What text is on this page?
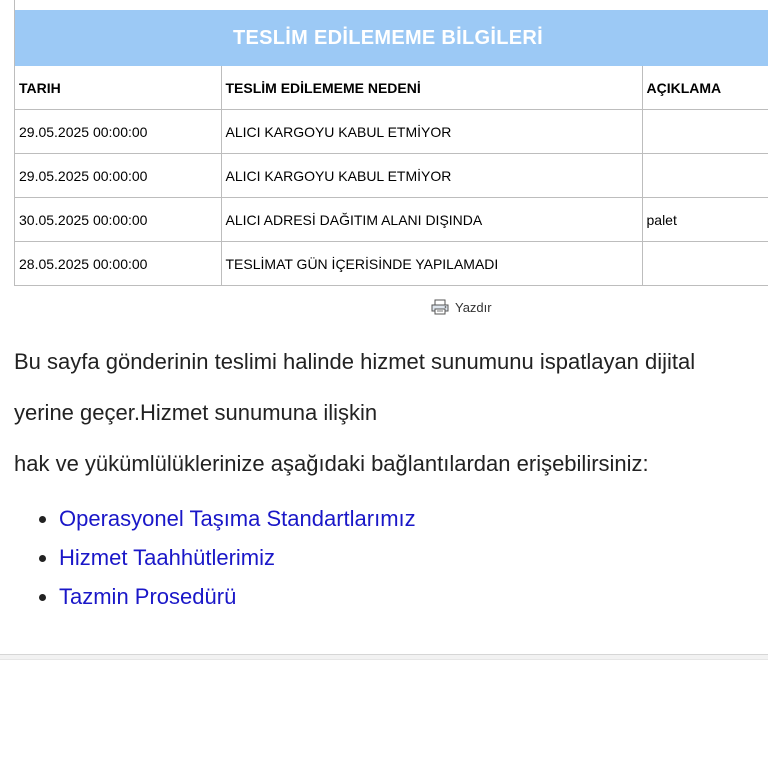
TESLİM EDİLEMEME BİLGİLERİ
TARIH	TESLİM EDİLEMEME NEDENİ	AÇIKLAMA
29.05.2025 00:00:00	ALICI KARGOYU KABUL ETMİYOR	
29.05.2025 00:00:00	ALICI KARGOYU KABUL ETMİYOR	
30.05.2025 00:00:00	ALICI ADRESİ DAĞITIM ALANI DIŞINDA	palet
28.05.2025 00:00:00	TESLİMAT GÜN İÇERİSİNDE YAPILAMADI	
Yazdır

Bu sayfa gönderinin teslimi halinde hizmet sunumunu ispatlayan dijital

yerine geçer.Hizmet sunumuna ilişkin

hak ve yükümlülüklerinize aşağıdaki bağlantılardan erişebilirsiniz:

• Operasyonel Taşıma Standartlarımız
• Hizmet Taahhütlerimiz
• Tazmin Prosedürü
